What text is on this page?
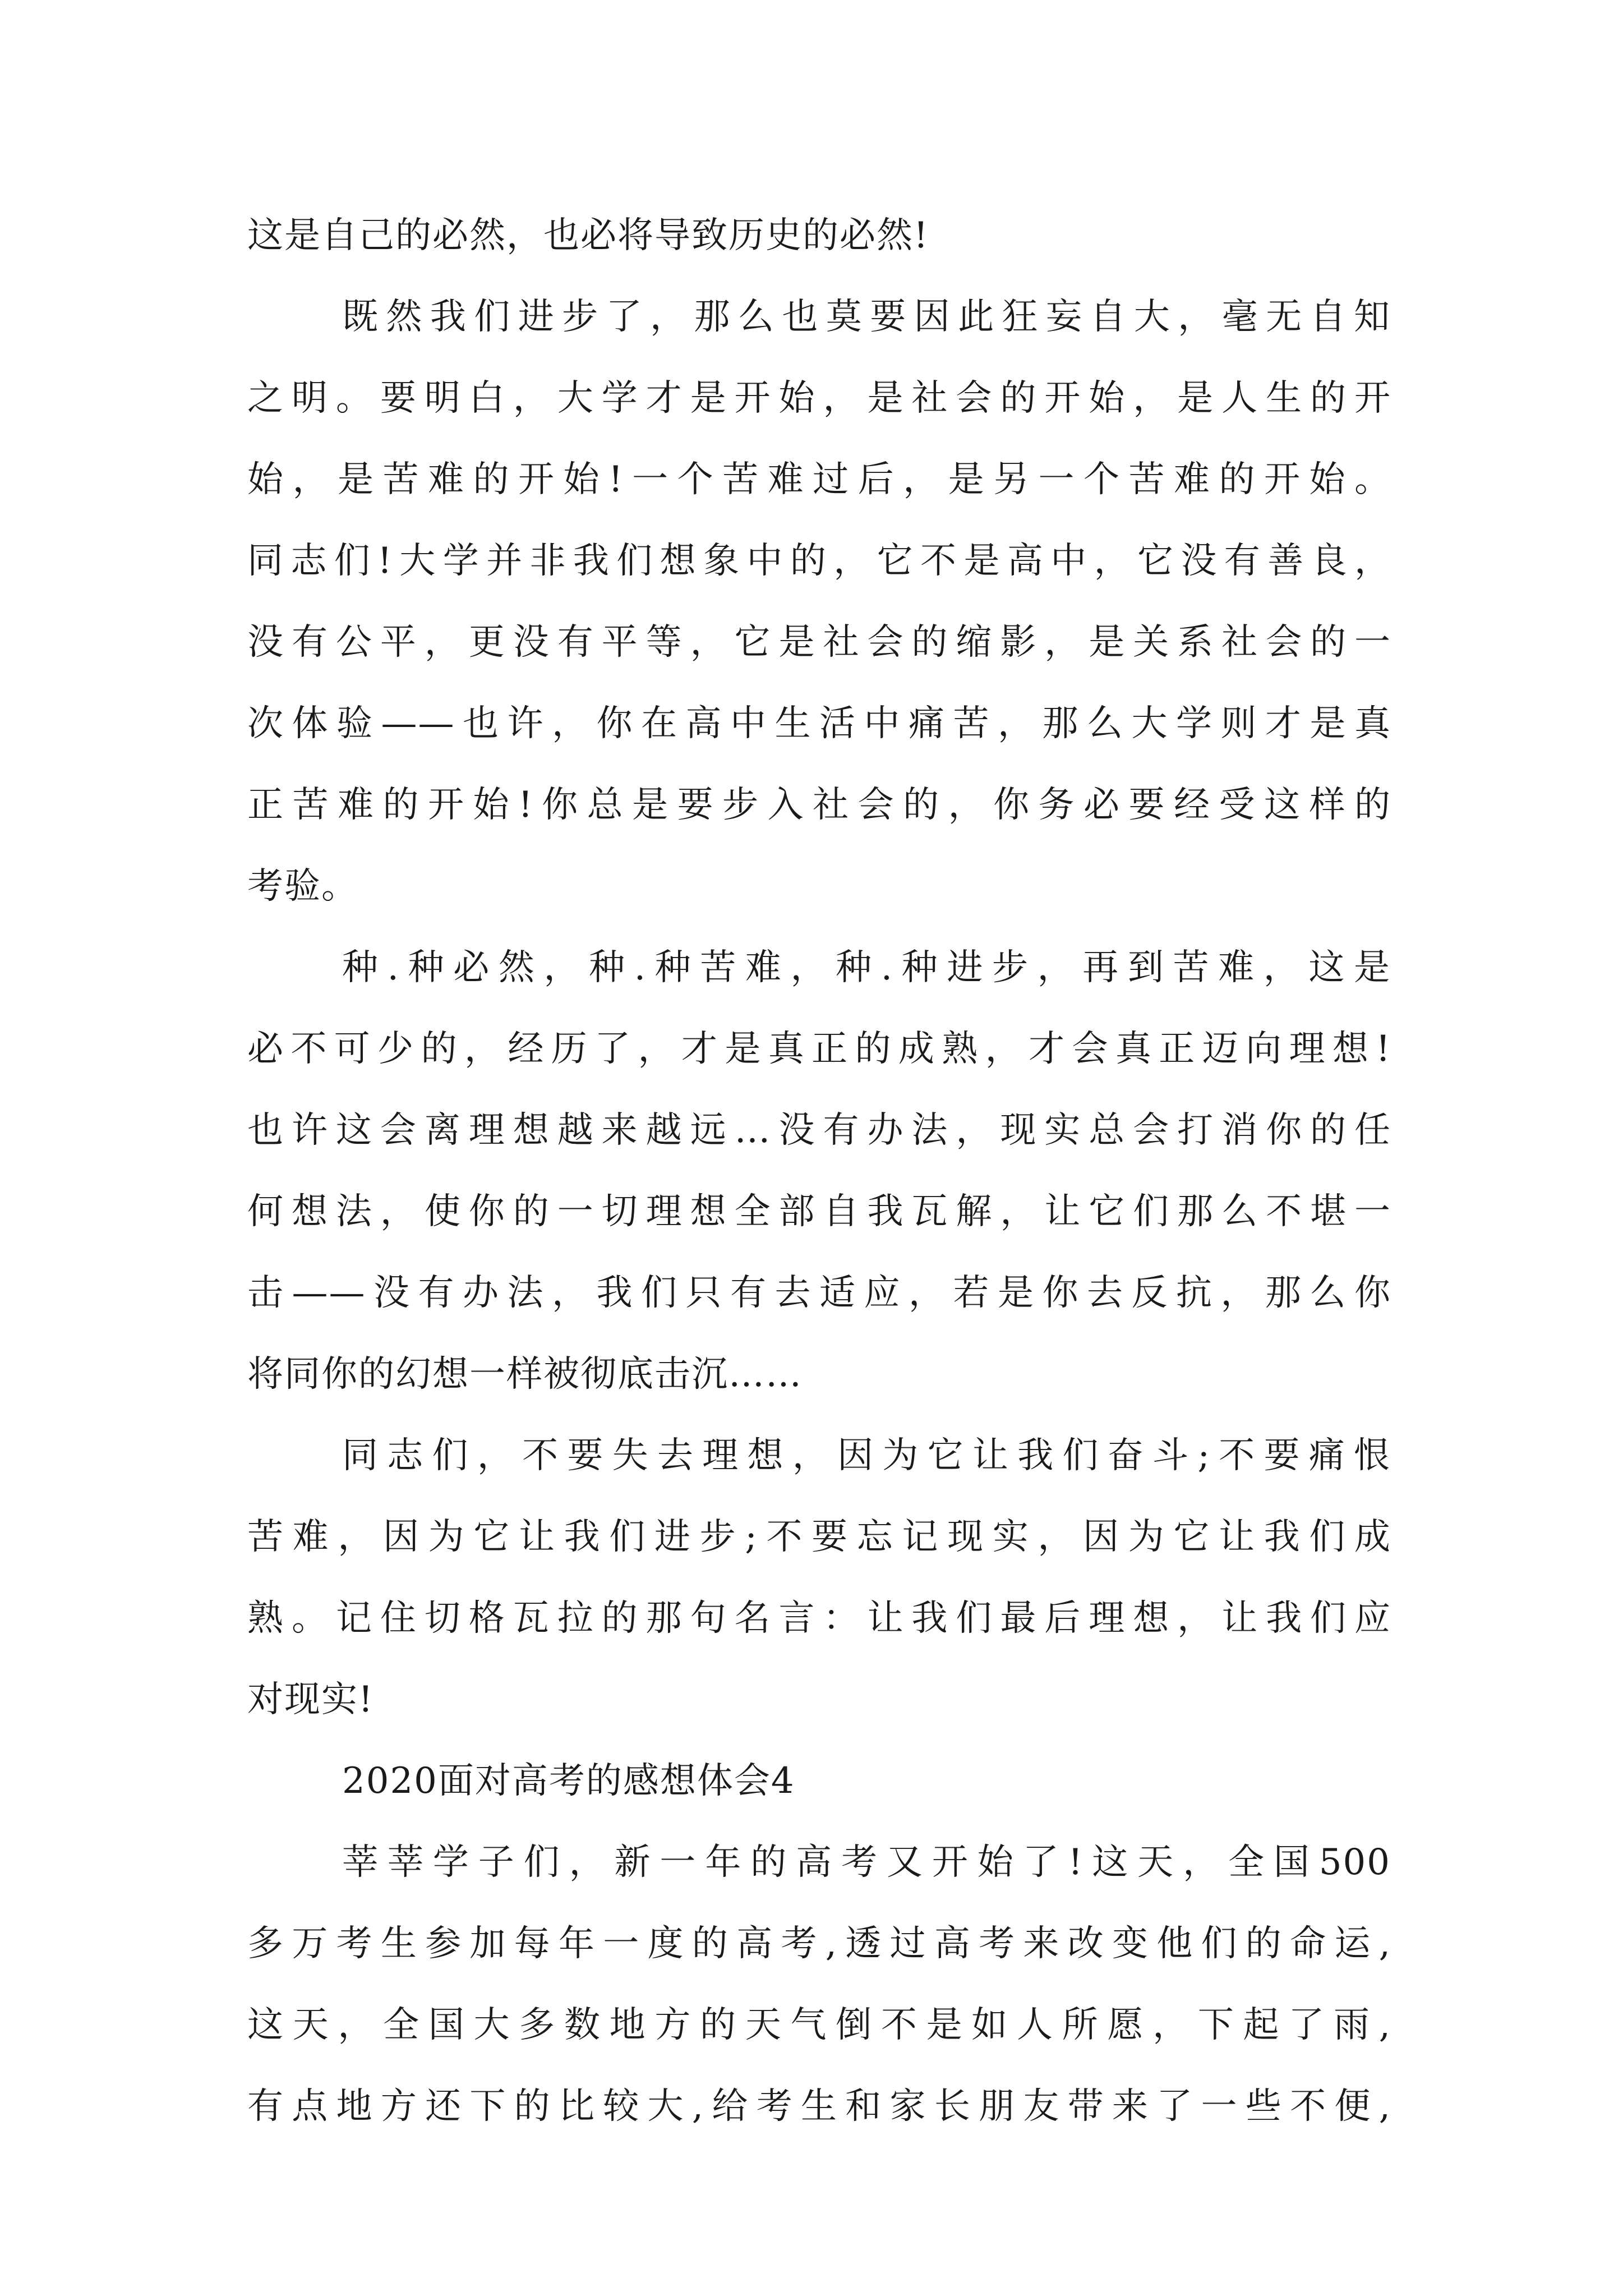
这是自己的必然，也必将导致历史的必然!
既然我们进步了，那么也莫要因此狂妄自大，毫无自知
之明。要明白，大学才是开始，是社会的开始，是人生的开
始，是苦难的开始!一个苦难过后，是另一个苦难的开始。
同志们!大学并非我们想象中的，它不是高中，它没有善良，
没有公平，更没有平等，它是社会的缩影，是关系社会的一
次体验——也许，你在高中生活中痛苦，那么大学则才是真
正苦难的开始!你总是要步入社会的，你务必要经受这样的
考验。
种.种必然，种.种苦难，种.种进步，再到苦难，这是
必不可少的，经历了，才是真正的成熟，才会真正迈向理想!
也许这会离理想越来越远…没有办法，现实总会打消你的任
何想法，使你的一切理想全部自我瓦解，让它们那么不堪一
击——没有办法，我们只有去适应，若是你去反抗，那么你
将同你的幻想一样被彻底击沉……
同志们，不要失去理想，因为它让我们奋斗;不要痛恨
苦难，因为它让我们进步;不要忘记现实，因为它让我们成
熟。记住切格瓦拉的那句名言：让我们最后理想，让我们应
对现实!
2020面对高考的感想体会4
莘莘学子们，新一年的高考又开始了!这天，全国500
多万考生参加每年一度的高考,透过高考来改变他们的命运,
这天，全国大多数地方的天气倒不是如人所愿，下起了雨,
有点地方还下的比较大,给考生和家长朋友带来了一些不便,
